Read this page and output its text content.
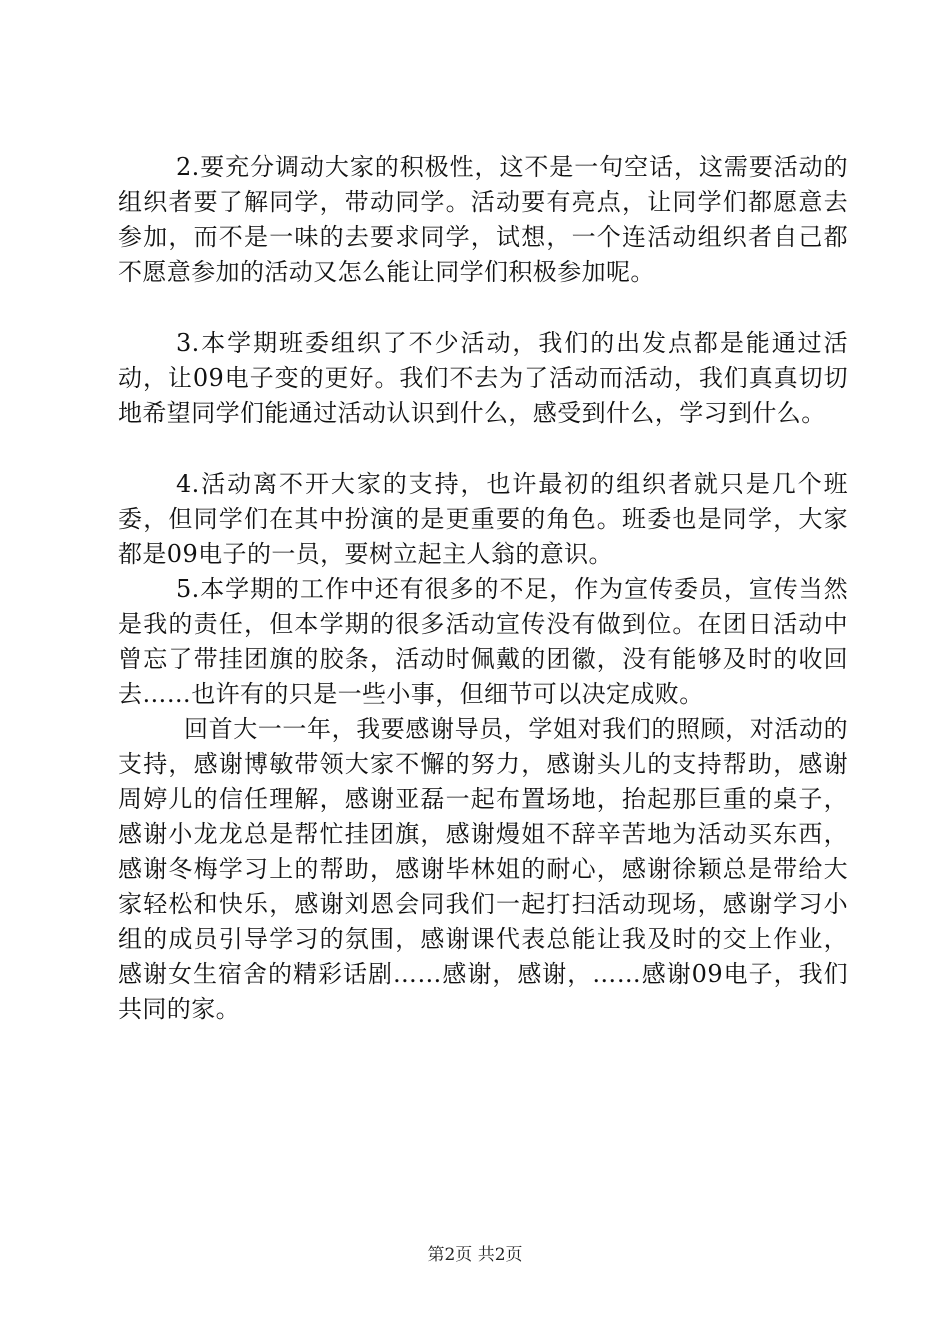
2.要充分调动大家的积极性，这不是一句空话，这需要活动的组织者要了解同学，带动同学。活动要有亮点，让同学们都愿意去参加，而不是一味的去要求同学，试想，一个连活动组织者自己都不愿意参加的活动又怎么能让同学们积极参加呢。

3.本学期班委组织了不少活动，我们的出发点都是能通过活动，让09电子变的更好。我们不去为了活动而活动，我们真真切切地希望同学们能通过活动认识到什么，感受到什么，学习到什么。

4.活动离不开大家的支持，也许最初的组织者就只是几个班委，但同学们在其中扮演的是更重要的角色。班委也是同学，大家都是09电子的一员，要树立起主人翁的意识。

5.本学期的工作中还有很多的不足，作为宣传委员，宣传当然是我的责任，但本学期的很多活动宣传没有做到位。在团日活动中曾忘了带挂团旗的胶条，活动时佩戴的团徽，没有能够及时的收回去……也许有的只是一些小事，但细节可以决定成败。

回首大一一年，我要感谢导员，学姐对我们的照顾，对活动的支持，感谢博敏带领大家不懈的努力，感谢头儿的支持帮助，感谢周婷儿的信任理解，感谢亚磊一起布置场地，抬起那巨重的桌子，感谢小龙龙总是帮忙挂团旗，感谢熳姐不辞辛苦地为活动买东西，感谢冬梅学习上的帮助，感谢毕林姐的耐心，感谢徐颖总是带给大家轻松和快乐，感谢刘恩会同我们一起打扫活动现场，感谢学习小组的成员引导学习的氛围，感谢课代表总能让我及时的交上作业，感谢女生宿舍的精彩话剧……感谢，感谢，……感谢09电子，我们共同的家。

第2页 共2页
